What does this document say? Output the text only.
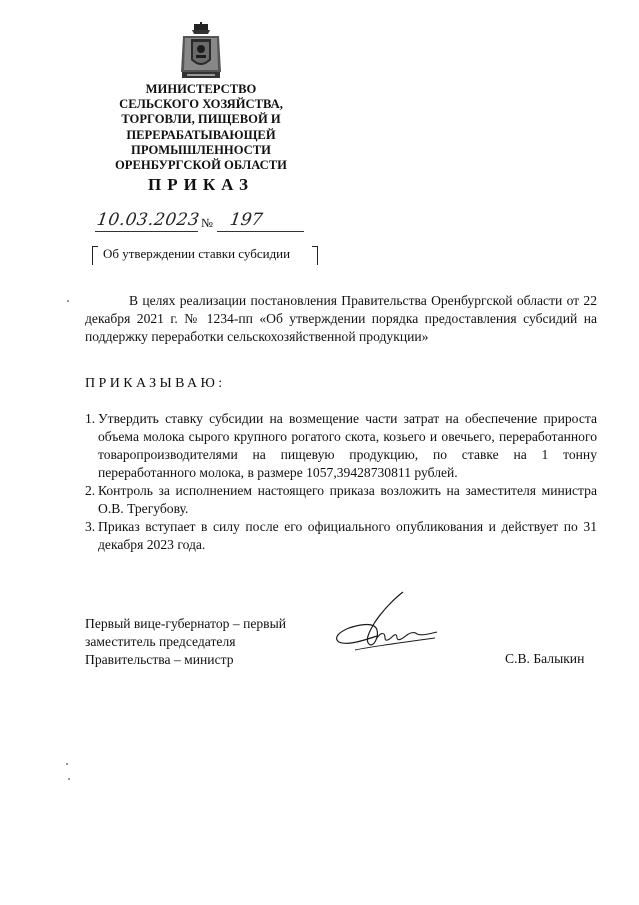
МИНИСТЕРСТВО
СЕЛЬСКОГО ХОЗЯЙСТВА,
ТОРГОВЛИ, ПИЩЕВОЙ И
ПЕРЕРАБАТЫВАЮЩЕЙ
ПРОМЫШЛЕННОСТИ
ОРЕНБУРГСКОЙ ОБЛАСТИ
ПРИКАЗ
10.03.2023 № 197
Об утверждении ставки субсидии
В целях реализации постановления Правительства Оренбургской области от 22 декабря 2021 г. № 1234-пп «Об утверждении порядка предоставления субсидий на поддержку переработки сельскохозяйственной продукции»
ПРИКАЗЫВАЮ:
1. Утвердить ставку субсидии на возмещение части затрат на обеспечение прироста объема молока сырого крупного рогатого скота, козьего и овечьего, переработанного товаропроизводителями на пищевую продукцию, по ставке на 1 тонну переработанного молока, в размере 1057,39428730811 рублей.
2. Контроль за исполнением настоящего приказа возложить на заместителя министра О.В. Трегубову.
3. Приказ вступает в силу после его официального опубликования и действует по 31 декабря 2023 года.
Первый вице-губернатор – первый
заместитель председателя
Правительства – министр	С.В. Балыкин
